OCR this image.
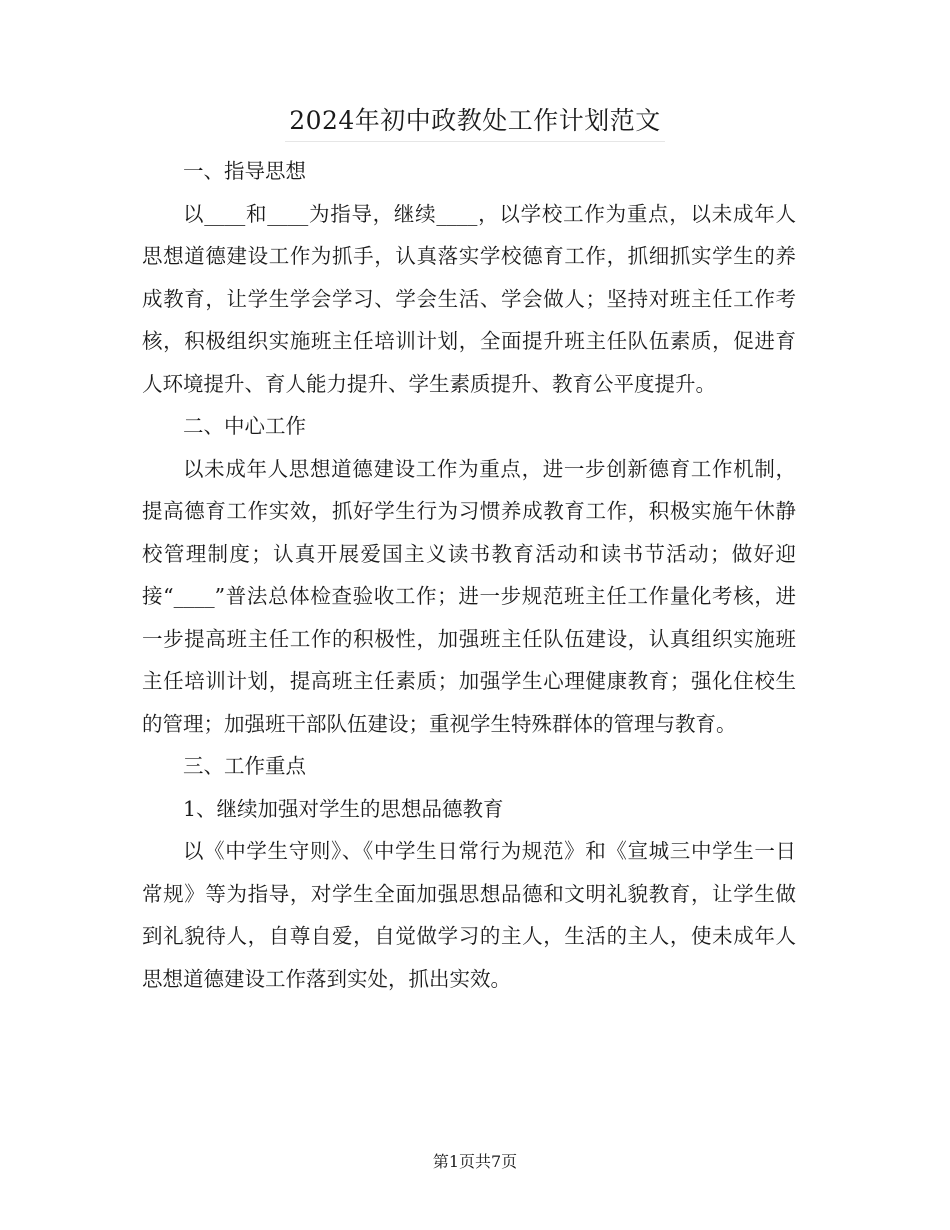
2024年初中政教处工作计划范文

一、指导思想

以____和____为指导，继续____，以学校工作为重点，以未成年人思想道德建设工作为抓手，认真落实学校德育工作，抓细抓实学生的养成教育，让学生学会学习、学会生活、学会做人；坚持对班主任工作考核，积极组织实施班主任培训计划，全面提升班主任队伍素质，促进育人环境提升、育人能力提升、学生素质提升、教育公平度提升。

二、中心工作

以未成年人思想道德建设工作为重点，进一步创新德育工作机制，提高德育工作实效，抓好学生行为习惯养成教育工作，积极实施午休静校管理制度；认真开展爱国主义读书教育活动和读书节活动；做好迎接“____”普法总体检查验收工作；进一步规范班主任工作量化考核，进一步提高班主任工作的积极性，加强班主任队伍建设，认真组织实施班主任培训计划，提高班主任素质；加强学生心理健康教育；强化住校生的管理；加强班干部队伍建设；重视学生特殊群体的管理与教育。

三、工作重点

1、继续加强对学生的思想品德教育

以《中学生守则》、《中学生日常行为规范》和《宣城三中学生一日常规》等为指导，对学生全面加强思想品德和文明礼貌教育，让学生做到礼貌待人，自尊自爱，自觉做学习的主人，生活的主人，使未成年人思想道德建设工作落到实处，抓出实效。

第1页共7页
